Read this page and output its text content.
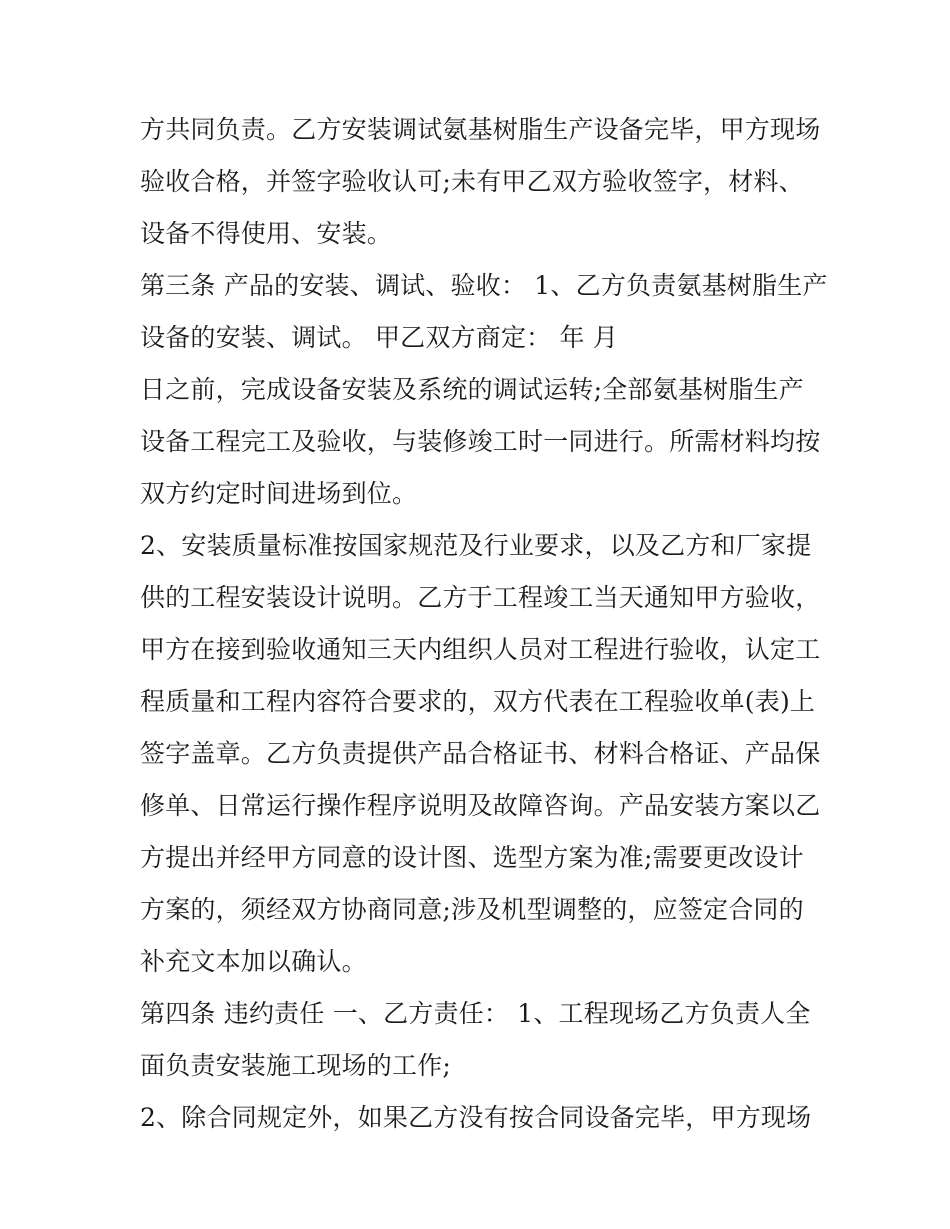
方共同负责。乙方安装调试氨基树脂生产设备完毕，甲方现场
验收合格，并签字验收认可;未有甲乙双方验收签字，材料、
设备不得使用、安装。
第三条 产品的安装、调试、验收： 1、乙方负责氨基树脂生产
设备的安装、调试。 甲乙双方商定： 年 月
日之前，完成设备安装及系统的调试运转;全部氨基树脂生产
设备工程完工及验收，与装修竣工时一同进行。所需材料均按
双方约定时间进场到位。
2、安装质量标准按国家规范及行业要求，以及乙方和厂家提
供的工程安装设计说明。乙方于工程竣工当天通知甲方验收，
甲方在接到验收通知三天内组织人员对工程进行验收，认定工
程质量和工程内容符合要求的，双方代表在工程验收单(表)上
签字盖章。乙方负责提供产品合格证书、材料合格证、产品保
修单、日常运行操作程序说明及故障咨询。产品安装方案以乙
方提出并经甲方同意的设计图、选型方案为准;需要更改设计
方案的，须经双方协商同意;涉及机型调整的，应签定合同的
补充文本加以确认。
第四条 违约责任 一、乙方责任： 1、工程现场乙方负责人全
面负责安装施工现场的工作;
2、除合同规定外，如果乙方没有按合同设备完毕，甲方现场
